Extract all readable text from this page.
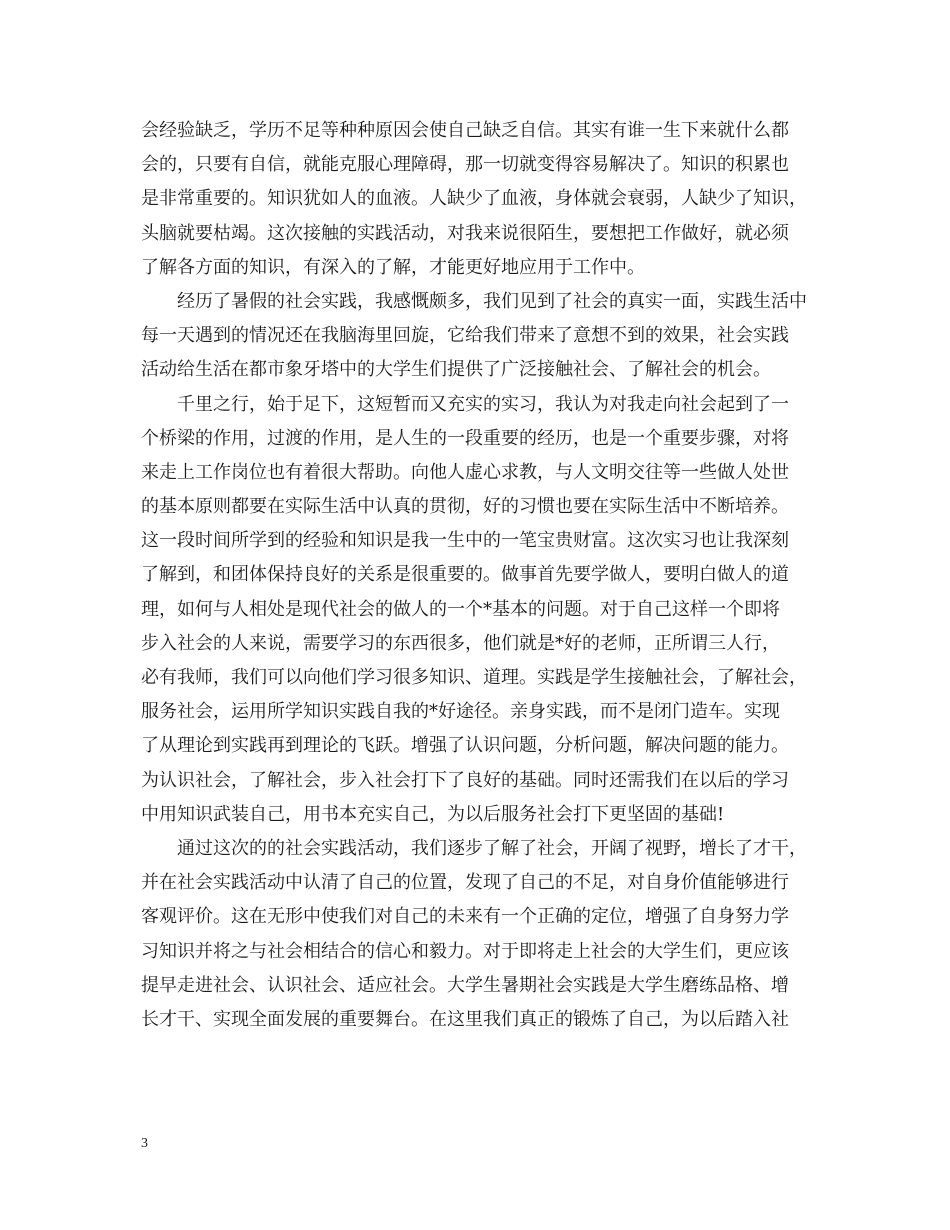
会经验缺乏，学历不足等种种原因会使自己缺乏自信。其实有谁一生下来就什么都
会的，只要有自信，就能克服心理障碍，那一切就变得容易解决了。知识的积累也
是非常重要的。知识犹如人的血液。人缺少了血液，身体就会衰弱，人缺少了知识，
头脑就要枯竭。这次接触的实践活动，对我来说很陌生，要想把工作做好，就必须
了解各方面的知识，有深入的了解，才能更好地应用于工作中。
　　经历了暑假的社会实践，我感慨颇多，我们见到了社会的真实一面，实践生活中
每一天遇到的情况还在我脑海里回旋，它给我们带来了意想不到的效果，社会实践
活动给生活在都市象牙塔中的大学生们提供了广泛接触社会、了解社会的机会。
　　千里之行，始于足下，这短暂而又充实的实习，我认为对我走向社会起到了一
个桥梁的作用，过渡的作用，是人生的一段重要的经历，也是一个重要步骤，对将
来走上工作岗位也有着很大帮助。向他人虚心求教，与人文明交往等一些做人处世
的基本原则都要在实际生活中认真的贯彻，好的习惯也要在实际生活中不断培养。
这一段时间所学到的经验和知识是我一生中的一笔宝贵财富。这次实习也让我深刻
了解到，和团体保持良好的关系是很重要的。做事首先要学做人，要明白做人的道
理，如何与人相处是现代社会的做人的一个*基本的问题。对于自己这样一个即将
步入社会的人来说，需要学习的东西很多，他们就是*好的老师，正所谓三人行，
必有我师，我们可以向他们学习很多知识、道理。实践是学生接触社会，了解社会，
服务社会，运用所学知识实践自我的*好途径。亲身实践，而不是闭门造车。实现
了从理论到实践再到理论的飞跃。增强了认识问题，分析问题，解决问题的能力。
为认识社会，了解社会，步入社会打下了良好的基础。同时还需我们在以后的学习
中用知识武装自己，用书本充实自己，为以后服务社会打下更坚固的基础!
　　通过这次的的社会实践活动，我们逐步了解了社会，开阔了视野，增长了才干，
并在社会实践活动中认清了自己的位置，发现了自己的不足，对自身价值能够进行
客观评价。这在无形中使我们对自己的未来有一个正确的定位，增强了自身努力学
习知识并将之与社会相结合的信心和毅力。对于即将走上社会的大学生们，更应该
提早走进社会、认识社会、适应社会。大学生暑期社会实践是大学生磨练品格、增
长才干、实现全面发展的重要舞台。在这里我们真正的锻炼了自己，为以后踏入社
3
